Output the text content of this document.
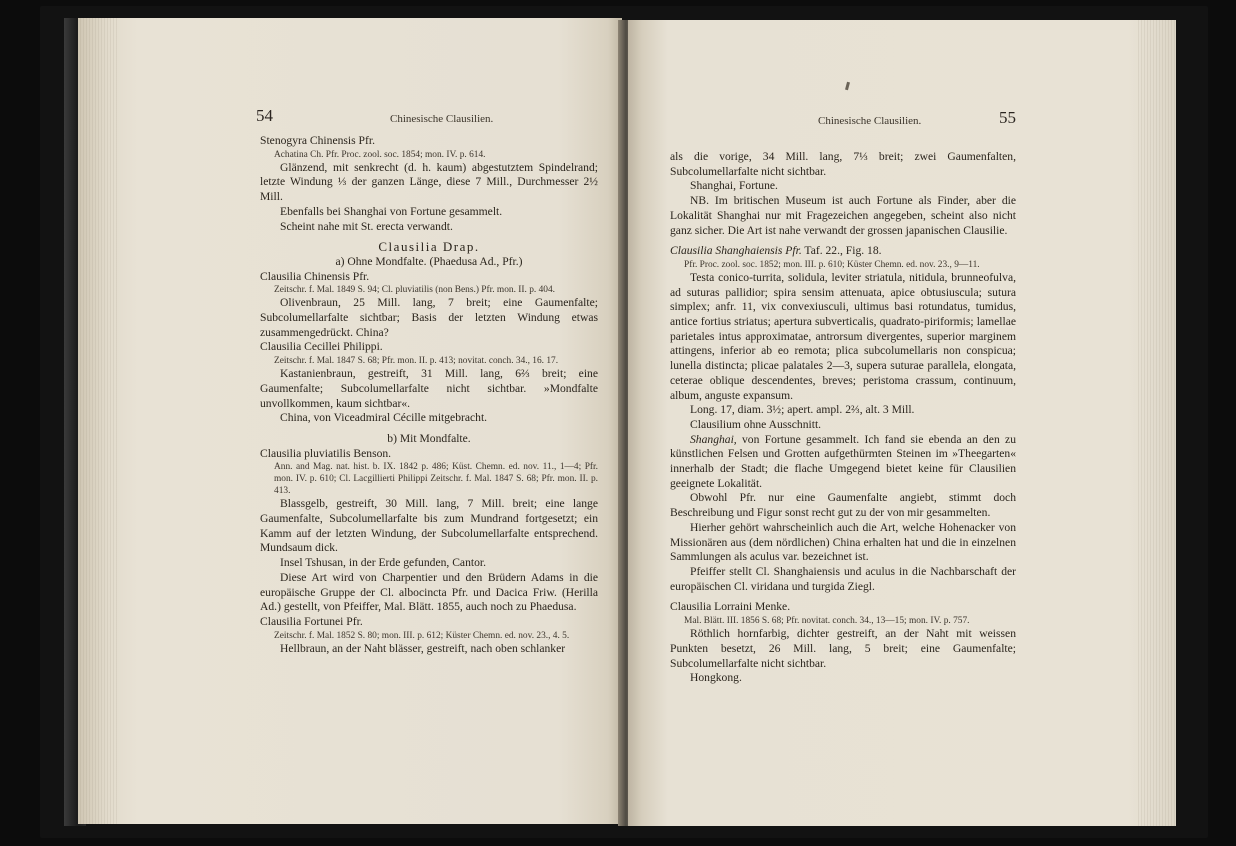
54	Chinesische Clausilien.

Stenogyra Chinensis Pfr.

Achatina Ch. Pfr. Proc. zool. soc. 1854; mon. IV. p. 614.

Glänzend, mit senkrecht (d. h. kaum) abgestutztem Spindelrand; letzte Windung ⅓ der ganzen Länge, diese 7 Mill., Durchmesser 2½ Mill.

Ebenfalls bei Shanghai von Fortune gesammelt.

Scheint nahe mit St. erecta verwandt.

Clausilia Drap.

a) Ohne Mondfalte. (Phaedusa Ad., Pfr.)

Clausilia Chinensis Pfr.

Zeitschr. f. Mal. 1849 S. 94; Cl. pluviatilis (non Bens.) Pfr. mon. II. p. 404.

Olivenbraun, 25 Mill. lang, 7 breit; eine Gaumenfalte; Subcolumellarfalte sichtbar; Basis der letzten Windung etwas zusammengedrückt. China?

Clausilia Cecillei Philippi.

Zeitschr. f. Mal. 1847 S. 68; Pfr. mon. II. p. 413; novitat. conch. 34., 16. 17.

Kastanienbraun, gestreift, 31 Mill. lang, 6⅔ breit; eine Gaumenfalte; Subcolumellarfalte nicht sichtbar. »Mondfalte unvollkommen, kaum sichtbar«.

China, von Viceadmiral Cécille mitgebracht.

b) Mit Mondfalte.

Clausilia pluviatilis Benson.

Ann. and Mag. nat. hist. b. IX. 1842 p. 486; Küst. Chemn. ed. nov. 11., 1—4; Pfr. mon. IV. p. 610; Cl. Lacgillierti Philippi Zeitschr. f. Mal. 1847 S. 68; Pfr. mon. II. p. 413.

Blassgelb, gestreift, 30 Mill. lang, 7 Mill. breit; eine lange Gaumenfalte, Subcolumellarfalte bis zum Mundrand fortgesetzt; ein Kamm auf der letzten Windung, der Subcolumellarfalte entsprechend. Mundsaum dick.

Insel Tshusan, in der Erde gefunden, Cantor.

Diese Art wird von Charpentier und den Brüdern Adams in die europäische Gruppe der Cl. albocincta Pfr. und Dacica Friw. (Herilla Ad.) gestellt, von Pfeiffer, Mal. Blätt. 1855, auch noch zu Phaedusa.

Clausilia Fortunei Pfr.

Zeitschr. f. Mal. 1852 S. 80; mon. III. p. 612; Küster Chemn. ed. nov. 23., 4. 5.

Hellbraun, an der Naht blässer, gestreift, nach oben schlanker

Chinesische Clausilien.	55

als die vorige, 34 Mill. lang, 7⅓ breit; zwei Gaumenfalten, Subcolumellarfalte nicht sichtbar.

Shanghai, Fortune.

NB. Im britischen Museum ist auch Fortune als Finder, aber die Lokalität Shanghai nur mit Fragezeichen angegeben, scheint also nicht ganz sicher. Die Art ist nahe verwandt der grossen japanischen Clausilie.

Clausilia Shanghaiensis Pfr. Taf. 22., Fig. 18.

Pfr. Proc. zool. soc. 1852; mon. III. p. 610; Küster Chemn. ed. nov. 23., 9—11.

Testa conico-turrita, solidula, leviter striatula, nitidula, brunneofulva, ad suturas pallidior; spira sensim attenuata, apice obtusiuscula; sutura simplex; anfr. 11, vix convexiusculi, ultimus basi rotundatus, tumidus, antice fortius striatus; apertura subverticalis, quadrato-piriformis; lamellae parietales intus approximatae, antrorsum divergentes, superior marginem attingens, inferior ab eo remota; plica subcolumellaris non conspicua; lunella distincta; plicae palatales 2—3, supera suturae parallela, elongata, ceterae oblique descendentes, breves; peristoma crassum, continuum, album, anguste expansum.

Long. 17, diam. 3½; apert. ampl. 2⅔, alt. 3 Mill.

Clausilium ohne Ausschnitt.

Shanghai, von Fortune gesammelt. Ich fand sie ebenda an den zu künstlichen Felsen und Grotten aufgethürmten Steinen im »Theegarten« innerhalb der Stadt; die flache Umgegend bietet keine für Clausilien geeignete Lokalität.

Obwohl Pfr. nur eine Gaumenfalte angiebt, stimmt doch Beschreibung und Figur sonst recht gut zu der von mir gesammelten.

Hierher gehört wahrscheinlich auch die Art, welche Hohenacker von Missionären aus (dem nördlichen) China erhalten hat und die in einzelnen Sammlungen als aculus var. bezeichnet ist.

Pfeiffer stellt Cl. Shanghaiensis und aculus in die Nachbarschaft der europäischen Cl. viridana und turgida Ziegl.

Clausilia Lorraini Menke.

Mal. Blätt. III. 1856 S. 68; Pfr. novitat. conch. 34., 13—15; mon. IV. p. 757.

Röthlich hornfarbig, dichter gestreift, an der Naht mit weissen Punkten besetzt, 26 Mill. lang, 5 breit; eine Gaumenfalte; Subcolumellarfalte nicht sichtbar.

Hongkong.
